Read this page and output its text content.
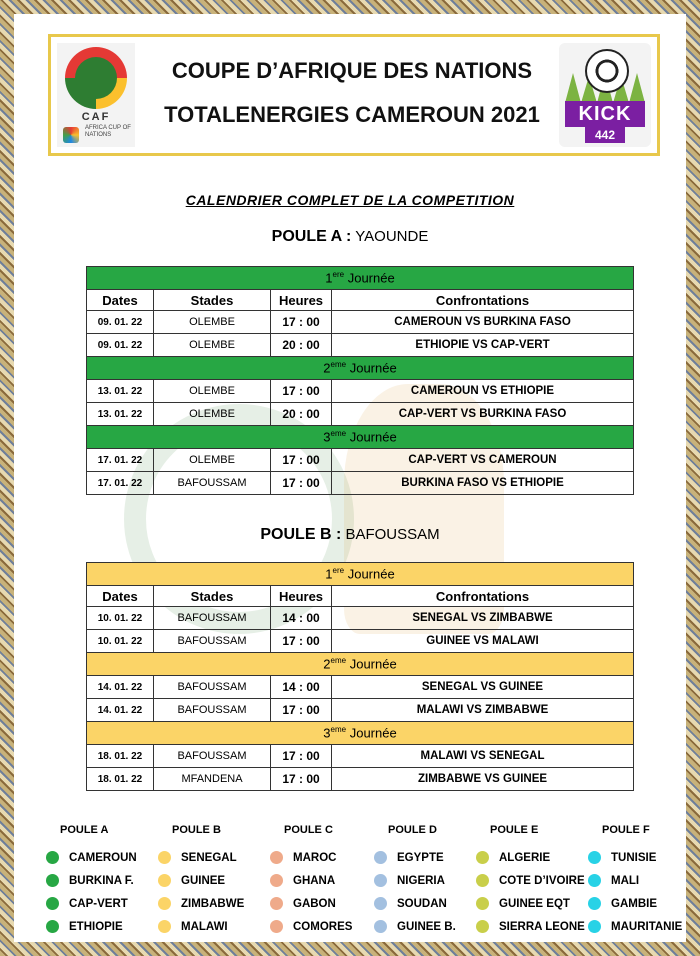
CAF
AFRICA CUP OF NATIONS
COUPE D’AFRIQUE DES NATIONS
TOTALENERGIES CAMEROUN 2021	KICK
442
CALENDRIER COMPLET DE LA COMPETITION
POULE A : YAOUNDE
1ere Journée			
Dates	Stades	Heures	Confrontations
09. 01. 22	OLEMBE	17 : 00	CAMEROUN VS BURKINA FASO
09. 01. 22	OLEMBE	20 : 00	ETHIOPIE VS CAP-VERT
2eme Journée			
13. 01. 22	OLEMBE	17 : 00	CAMEROUN VS ETHIOPIE
13. 01. 22	OLEMBE	20 : 00	CAP-VERT VS BURKINA FASO
3eme Journée			
17. 01. 22	OLEMBE	17 : 00	CAP-VERT VS CAMEROUN
17. 01. 22	BAFOUSSAM	17 : 00	BURKINA FASO VS ETHIOPIE
POULE B : BAFOUSSAM
1ere Journée			
Dates	Stades	Heures	Confrontations
10. 01. 22	BAFOUSSAM	14 : 00	SENEGAL VS ZIMBABWE
10. 01. 22	BAFOUSSAM	17 : 00	GUINEE VS MALAWI
2eme Journée			
14. 01. 22	BAFOUSSAM	14 : 00	SENEGAL VS GUINEE
14. 01. 22	BAFOUSSAM	17 : 00	MALAWI VS ZIMBABWE
3eme Journée			
18. 01. 22	BAFOUSSAM	17 : 00	MALAWI VS SENEGAL
18. 01. 22	MFANDENA	17 : 00	ZIMBABWE VS GUINEE
POULE A
CAMEROUN
BURKINA F.
CAP-VERT
ETHIOPIE
POULE B
SENEGAL
GUINEE
ZIMBABWE
MALAWI
POULE C
MAROC
GHANA
GABON
COMORES
POULE D
EGYPTE
NIGERIA
SOUDAN
GUINEE B.
POULE E
ALGERIE
COTE D’IVOIRE
GUINEE EQT
SIERRA LEONE
POULE F
TUNISIE
MALI
GAMBIE
MAURITANIE
